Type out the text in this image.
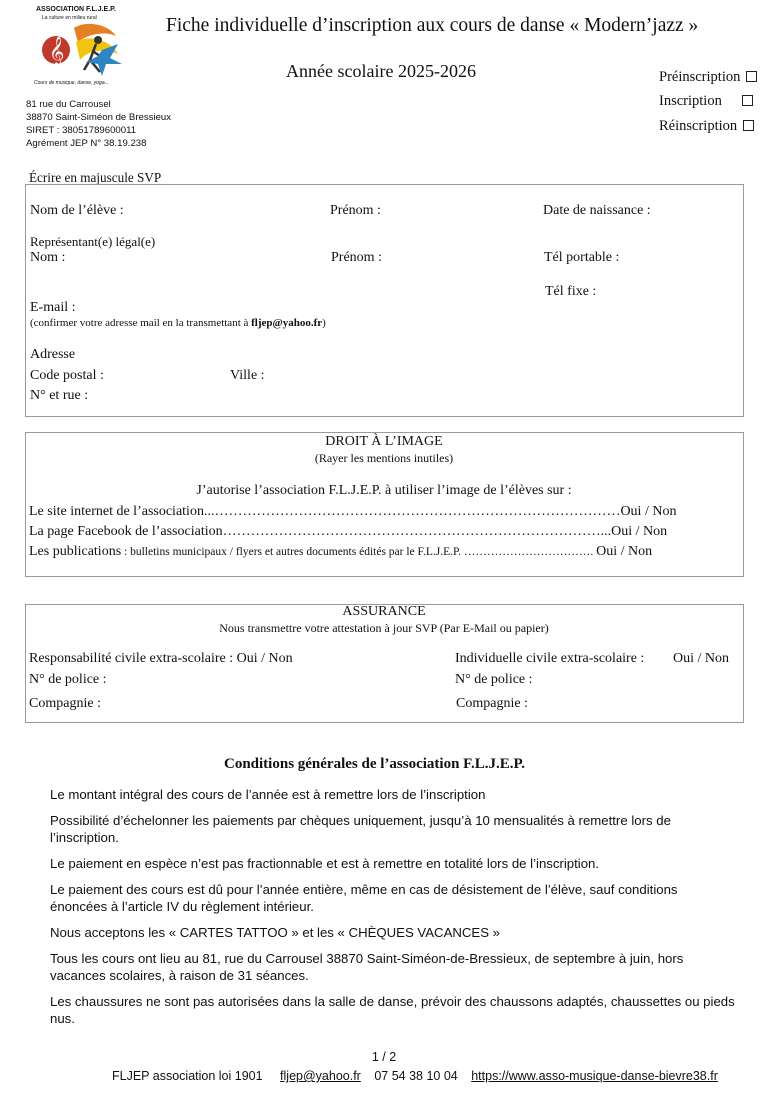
ASSOCIATION F.L.J.E.P.
La culture en milieu rural
𝄞
Cours de musique, danse, yoga...
81 rue du Carrousel
38870 Saint-Siméon de Bressieux
SIRET : 38051789600011
Agrément JEP N° 38.19.238
Fiche individuelle d’inscription aux cours de danse « Modern’jazz »
Année scolaire 2025-2026	Préinscription
Inscription
Réinscription
Écrire en majuscule SVP
Nom de l’élève :	Prénom :	Date de naissance :
Représentant(e) légal(e)
Nom :	Prénom :	Tél portable :
Tél fixe :
E-mail :
(confirmer votre adresse mail en la transmettant à fljep@yahoo.fr)
Adresse
Code postal :	Ville :
N° et rue :
DROIT À L’IMAGE
(Rayer les mentions inutiles)
J’autorise l’association F.L.J.E.P. à utiliser l’image de l’élèves sur :
Le site internet de l’association...……………………………………………………………………………Oui / Non
La page Facebook de l’association………………………………………………………………………...Oui / Non
Les publications : bulletins municipaux / flyers et autres documents édités par le F.L.J.E.P. ……………………………. Oui / Non
ASSURANCE
Nous transmettre votre attestation à jour SVP (Par E-Mail ou papier)
Responsabilité civile extra-scolaire : Oui / Non	Individuelle civile extra-scolaire : Oui / Non
N° de police :	N° de police :
Compagnie :	Compagnie :
Conditions générales de l’association F.L.J.E.P.
Le montant intégral des cours de l’année est à remettre lors de l’inscription
Possibilité d’échelonner les paiements par chèques uniquement, jusqu’à 10 mensualités à remettre lors de
l’inscription.
Le paiement en espèce n’est pas fractionnable et est à remettre en totalité lors de l’inscription.
Le paiement des cours est dû pour l’année entière, même en cas de désistement de l’élève, sauf conditions
énoncées à l’article IV du règlement intérieur.
Nous acceptons les « CARTES TATTOO » et les « CHÈQUES VACANCES »
Tous les cours ont lieu au 81, rue du Carrousel 38870 Saint-Siméon-de-Bressieux, de septembre à juin, hors
vacances scolaires, à raison de 31 séances.
Les chaussures ne sont pas autorisées dans la salle de danse, prévoir des chaussons adaptés, chaussettes ou pieds
nus.
1 / 2
FLJEP association loi 1901 fljep@yahoo.fr 07 54 38 10 04 https://www.asso-musique-danse-bievre38.fr
